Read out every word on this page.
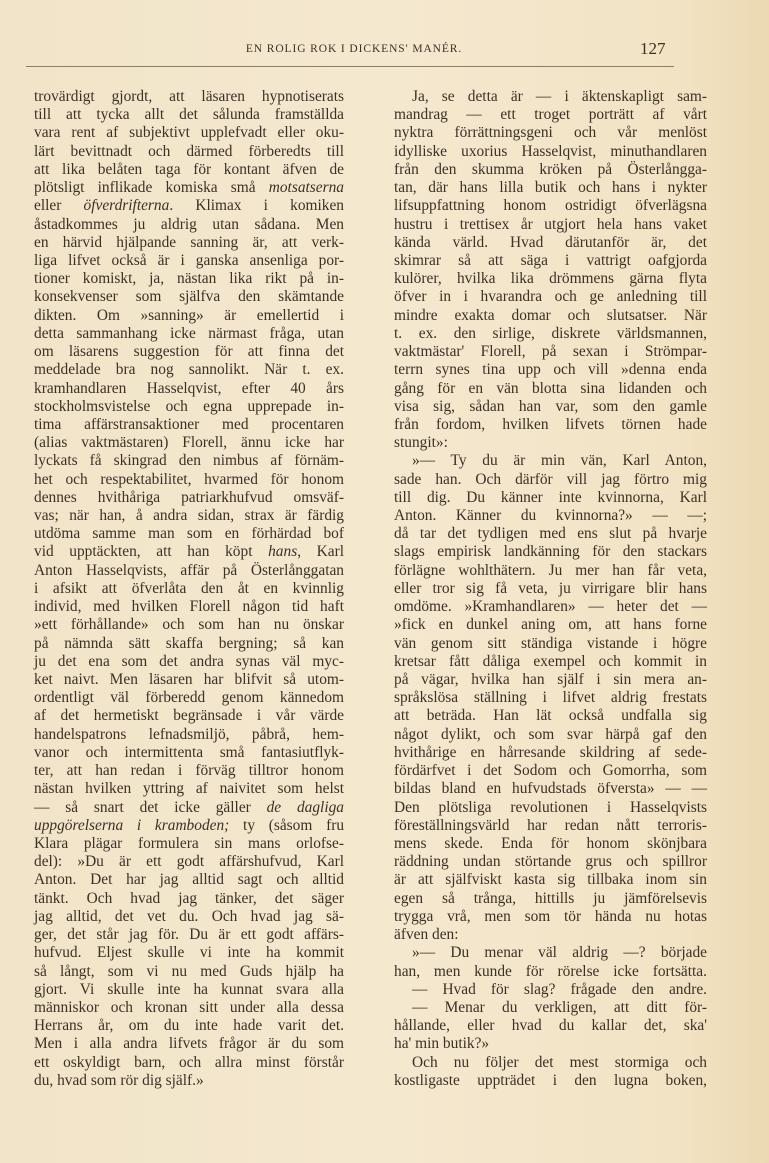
EN ROLIG ROK I DICKENS' MANÉR.	127
trovärdigt gjordt, att läsaren hypnotiserats
till att tycka allt det sålunda framställda
vara rent af subjektivt upplefvadt eller oku-
lärt bevittnadt och därmed förberedts till
att lika belåten taga för kontant äfven de
plötsligt inflikade komiska små motsatserna
eller öfverdrifterna. Klimax i komiken
åstadkommes ju aldrig utan sådana. Men
en härvid hjälpande sanning är, att verk-
liga lifvet också är i ganska ansenliga por-
tioner komiskt, ja, nästan lika rikt på in-
konsekvenser som själfva den skämtande
dikten. Om »sanning» är emellertid i
detta sammanhang icke närmast fråga, utan
om läsarens suggestion för att finna det
meddelade bra nog sannolikt. När t. ex.
kramhandlaren Hasselqvist, efter 40 års
stockholmsvistelse och egna upprepade in-
tima affärstransaktioner med procentaren
(alias vaktmästaren) Florell, ännu icke har
lyckats få skingrad den nimbus af förnäm-
het och respektabilitet, hvarmed för honom
dennes hvithåriga patriarkhufvud omsväf-
vas; när han, å andra sidan, strax är färdig
utdöma samme man som en förhärdad bof
vid upptäckten, att han köpt hans, Karl
Anton Hasselqvists, affär på Österlånggatan
i afsikt att öfverlåta den åt en kvinnlig
individ, med hvilken Florell någon tid haft
»ett förhållande» och som han nu önskar
på nämnda sätt skaffa bergning; så kan
ju det ena som det andra synas väl myc-
ket naivt. Men läsaren har blifvit så utom-
ordentligt väl förberedd genom kännedom
af det hermetiskt begränsade i vår värde
handelspatrons lefnadsmiljö, påbrå, hem-
vanor och intermittenta små fantasiutflyk-
ter, att han redan i förväg tilltror honom
nästan hvilken yttring af naivitet som helst
— så snart det icke gäller de dagliga
uppgörelserna i kramboden; ty (såsom fru
Klara plägar formulera sin mans orlofse-
del): »Du är ett godt affärshufvud, Karl
Anton. Det har jag alltid sagt och alltid
tänkt. Och hvad jag tänker, det säger
jag alltid, det vet du. Och hvad jag sä-
ger, det står jag för. Du är ett godt affärs-
hufvud. Eljest skulle vi inte ha kommit
så långt, som vi nu med Guds hjälp ha
gjort. Vi skulle inte ha kunnat svara alla
människor och kronan sitt under alla dessa
Herrans år, om du inte hade varit det.
Men i alla andra lifvets frågor är du som
ett oskyldigt barn, och allra minst förstår
du, hvad som rör dig själf.»
Ja, se detta är — i äktenskapligt sam-
mandrag — ett troget porträtt af vårt
nyktra förrättningsgeni och vår menlöst
idylliske uxorius Hasselqvist, minuthandlaren
från den skumma kröken på Österlångga-
tan, där hans lilla butik och hans i nykter
lifsuppfattning honom ostridigt öfverlägsna
hustru i trettisex år utgjort hela hans vaket
kända värld. Hvad därutanför är, det
skimrar så att säga i vattrigt oafgjorda
kulörer, hvilka lika drömmens gärna flyta
öfver in i hvarandra och ge anledning till
mindre exakta domar och slutsatser. När
t. ex. den sirlige, diskrete världsmannen,
vaktmästar' Florell, på sexan i Strömpar-
terrn synes tina upp och vill »denna enda
gång för en vän blotta sina lidanden och
visa sig, sådan han var, som den gamle
från fordom, hvilken lifvets törnen hade
stungit»:
»— Ty du är min vän, Karl Anton,
sade han. Och därför vill jag förtro mig
till dig. Du känner inte kvinnorna, Karl
Anton. Känner du kvinnorna?» — —;
då tar det tydligen med ens slut på hvarje
slags empirisk landkänning för den stackars
förlägne wohlthätern. Ju mer han får veta,
eller tror sig få veta, ju virrigare blir hans
omdöme. »Kramhandlaren» — heter det —
»fick en dunkel aning om, att hans forne
vän genom sitt ständiga vistande i högre
kretsar fått dåliga exempel och kommit in
på vägar, hvilka han själf i sin mera an-
språkslösa ställning i lifvet aldrig frestats
att beträda. Han lät också undfalla sig
något dylikt, och som svar härpå gaf den
hvithårige en hårresande skildring af sede-
fördärfvet i det Sodom och Gomorrha, som
bildas bland en hufvudstads öfversta» — —
Den plötsliga revolutionen i Hasselqvists
föreställningsvärld har redan nått terroris-
mens skede. Enda för honom skönjbara
räddning undan störtande grus och spillror
är att själfviskt kasta sig tillbaka inom sin
egen så trånga, hittills ju jämförelsevis
trygga vrå, men som tör hända nu hotas
äfven den:
»— Du menar väl aldrig —? började
han, men kunde för rörelse icke fortsätta.
— Hvad för slag? frågade den andre.
— Menar du verkligen, att ditt för-
hållande, eller hvad du kallar det, ska'
ha' min butik?»
Och nu följer det mest stormiga och
kostligaste uppträdet i den lugna boken,
